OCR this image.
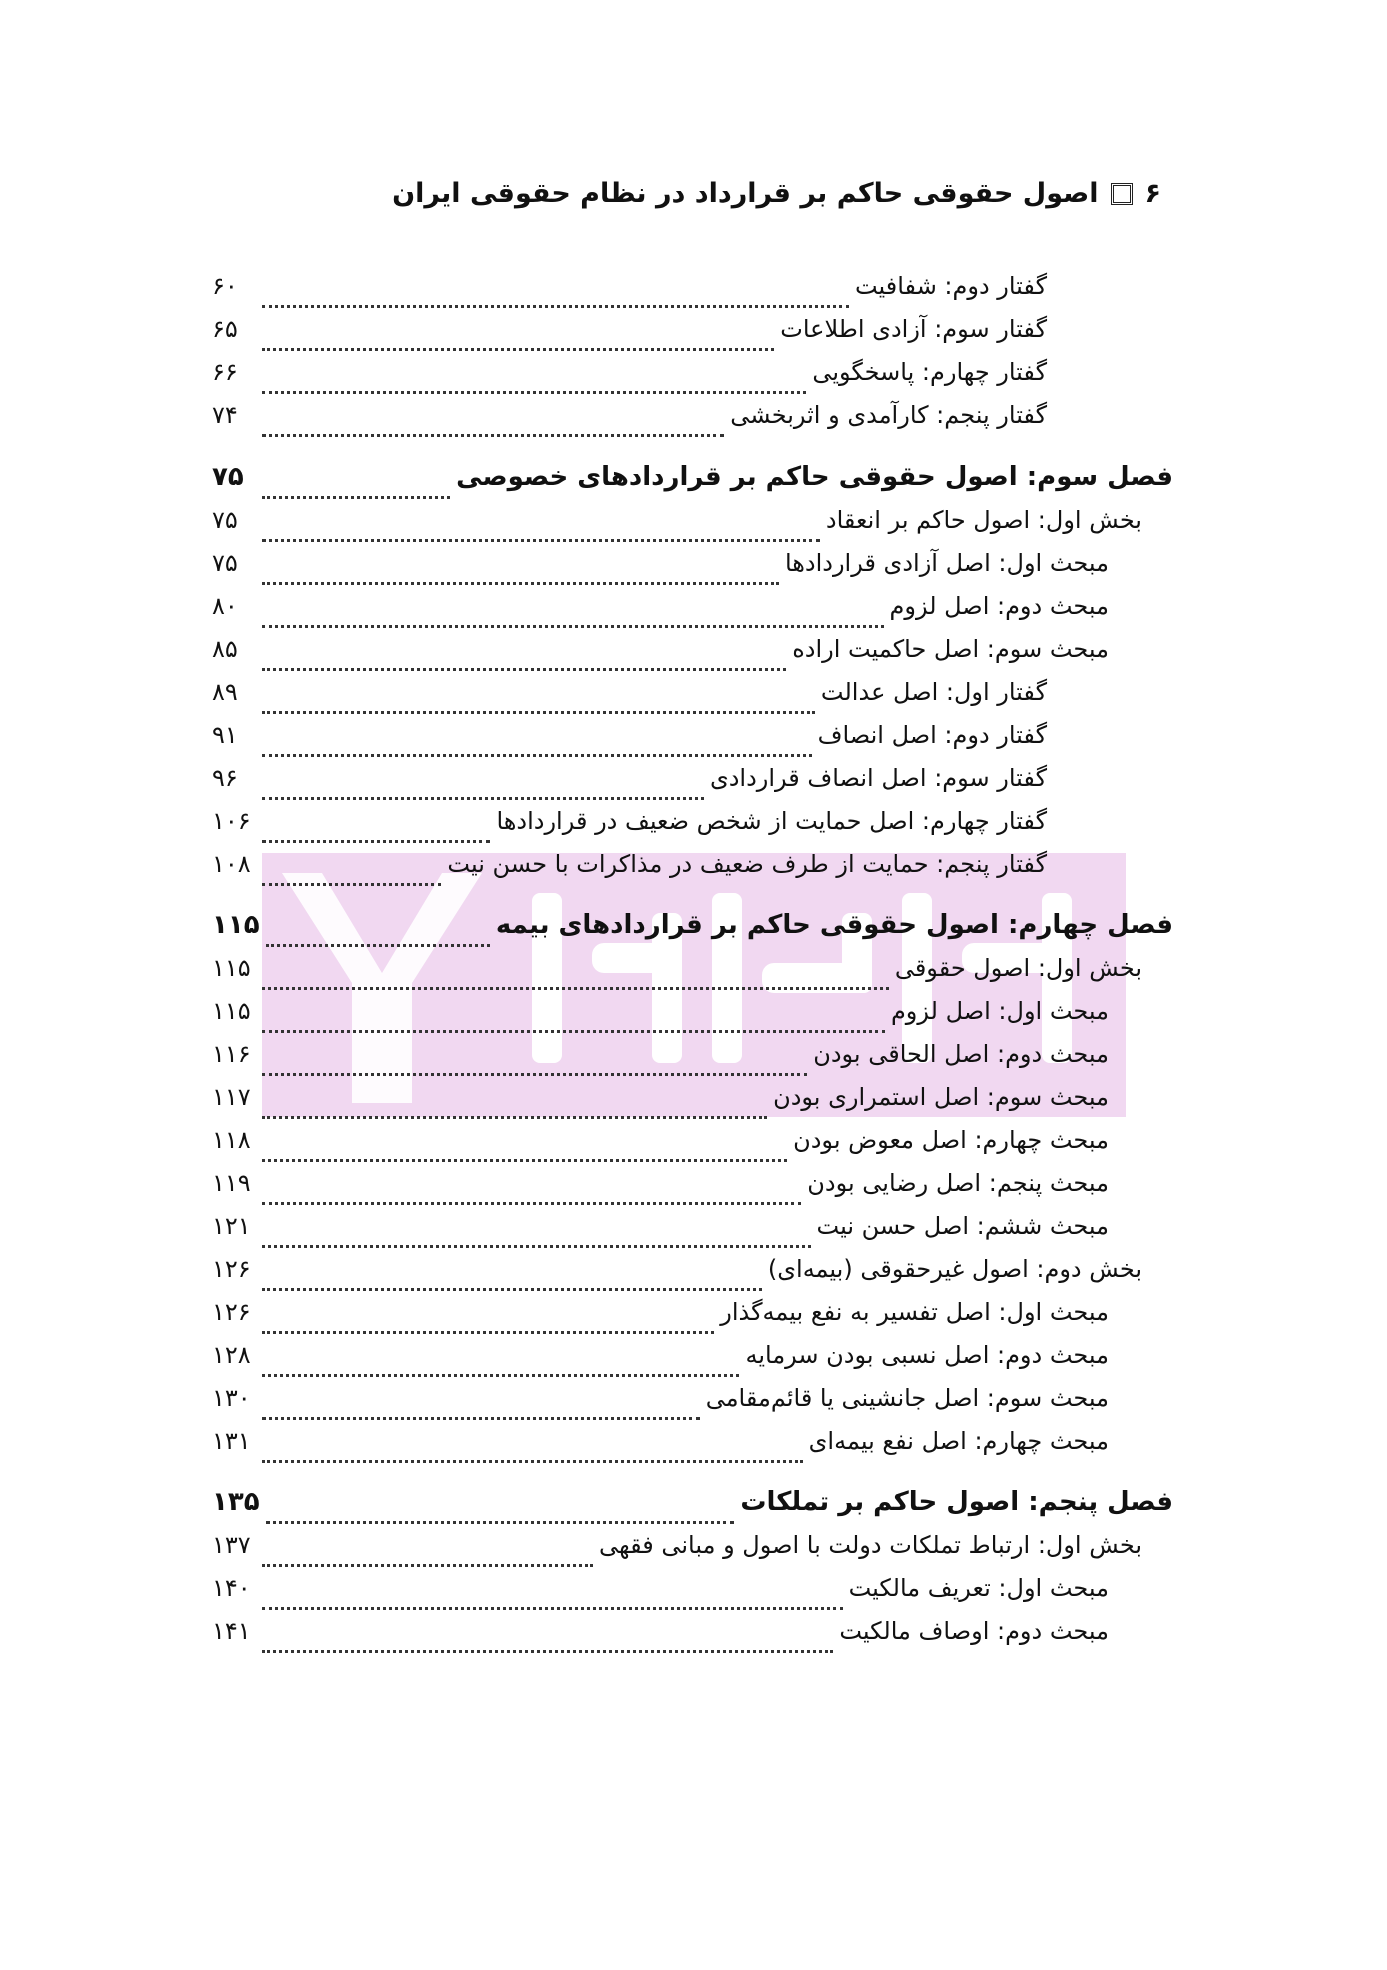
۶
اصول حقوقی حاکم بر قرارداد در نظام حقوقی ایران
گفتار دوم: شفافیت
۶۰
گفتار سوم: آزادی اطلاعات
۶۵
گفتار چهارم: پاسخگویی
۶۶
گفتار پنجم: کارآمدی و اثربخشی
۷۴
فصل سوم: اصول حقوقی حاکم بر قراردادهای خصوصی
۷۵
بخش اول: اصول حاکم بر انعقاد
۷۵
مبحث اول: اصل آزادی قراردادها
۷۵
مبحث دوم: اصل لزوم
۸۰
مبحث سوم: اصل حاکمیت اراده
۸۵
گفتار اول: اصل عدالت
۸۹
گفتار دوم: اصل انصاف
۹۱
گفتار سوم: اصل انصاف قراردادی
۹۶
گفتار چهارم: اصل حمایت از شخص ضعیف در قراردادها
۱۰۶
گفتار پنجم: حمایت از طرف ضعیف در مذاکرات با حسن نیت
۱۰۸
فصل چهارم: اصول حقوقی حاکم بر قراردادهای بیمه
۱۱۵
بخش اول: اصول حقوقی
۱۱۵
مبحث اول: اصل لزوم
۱۱۵
مبحث دوم: اصل الحاقی بودن
۱۱۶
مبحث سوم: اصل استمراری بودن
۱۱۷
مبحث چهارم: اصل معوض بودن
۱۱۸
مبحث پنجم: اصل رضایی بودن
۱۱۹
مبحث ششم: اصل حسن نیت
۱۲۱
بخش دوم: اصول غیرحقوقی (بیمه‌ای)
۱۲۶
مبحث اول: اصل تفسیر به نفع بیمه‌گذار
۱۲۶
مبحث دوم: اصل نسبی بودن سرمایه
۱۲۸
مبحث سوم: اصل جانشینی یا قائم‌مقامی
۱۳۰
مبحث چهارم: اصل نفع بیمه‌ای
۱۳۱
فصل پنجم: اصول حاکم بر تملکات
۱۳۵
بخش اول: ارتباط تملکات دولت با اصول و مبانی فقهی
۱۳۷
مبحث اول: تعریف مالکیت
۱۴۰
مبحث دوم: اوصاف مالکیت
۱۴۱
